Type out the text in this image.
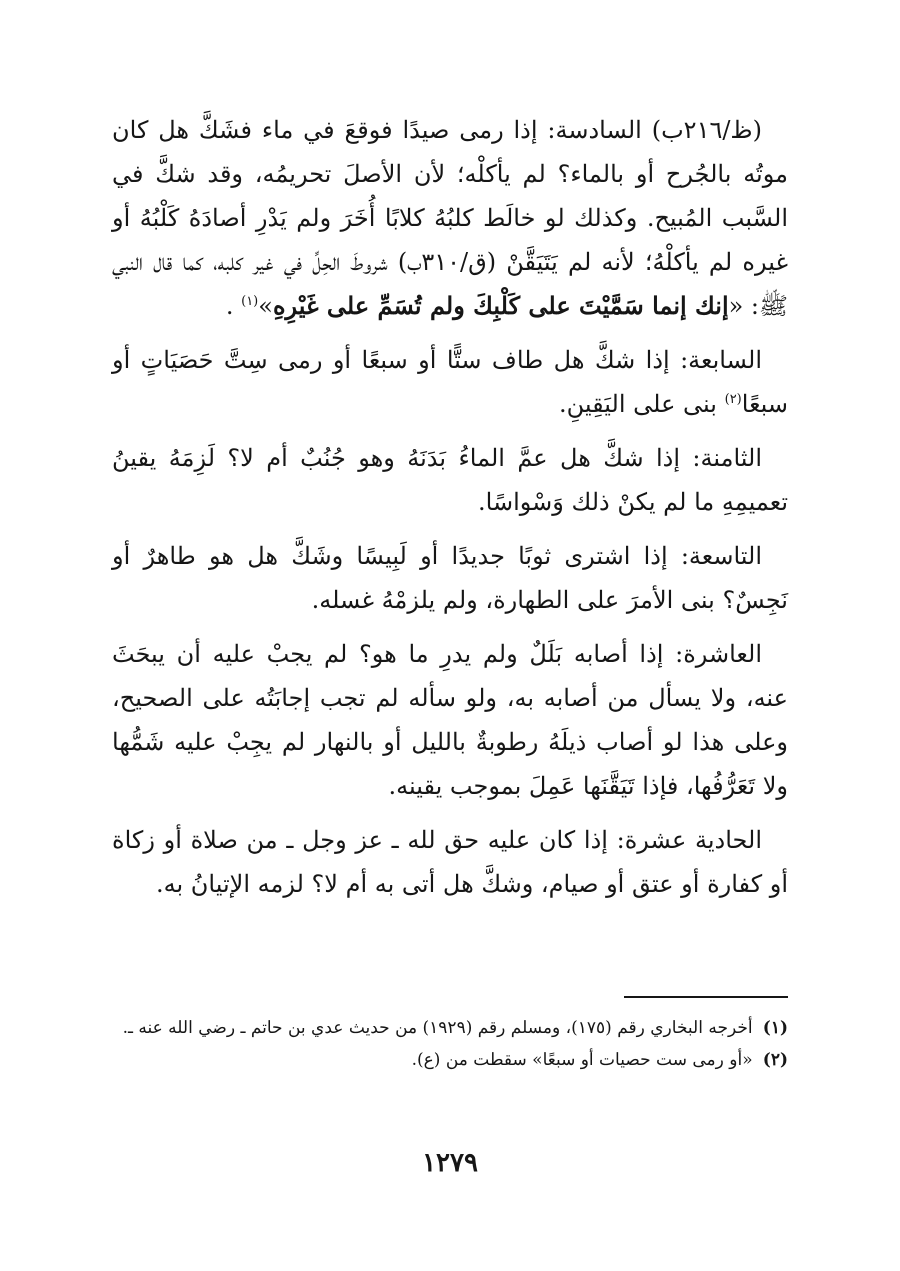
(ظ/٢١٦ب) السادسة: إذا رمى صيدًا فوقعَ في ماء فشَكَّ هل كان موتُه بالجُرح أو بالماء؟ لم يأكلْه؛ لأن الأصلَ تحريمُه، وقد شكَّ في السَّبب المُبيح. وكذلك لو خالَط كلبُهُ كلابًا أُخَرَ ولم يَدْرِ أصادَهُ كَلْبُهُ أو غيره لم يأكلْهُ؛ لأنه لم يَتَيَقَّنْ (ق/٣١٠ب) شروطَ الحِلِّ في غير كلبه، كما قال النبي ﷺ: «إنك إنما سَمَّيْتَ على كَلْبِكَ ولم تُسَمِّ على غَيْرِهِ»$^{(١)}$ .

السابعة: إذا شكَّ هل طاف ستًّا أو سبعًا أو رمى سِتَّ حَصَيَاتٍ أو سبعًا$^{(٢)}$ بنى على اليَقِينِ.

الثامنة: إذا شكَّ هل عمَّ الماءُ بَدَنَهُ وهو جُنُبٌ أم لا؟ لَزِمَهُ يقينُ تعميمِهِ ما لم يكنْ ذلك وَسْواسًا.

التاسعة: إذا اشترى ثوبًا جديدًا أو لَبِيسًا وشَكَّ هل هو طاهرٌ أو نَجِسٌ؟ بنى الأمرَ على الطهارة، ولم يلزمْهُ غسله.

العاشرة: إذا أصابه بَلَلٌ ولم يدرِ ما هو؟ لم يجبْ عليه أن يبحَثَ عنه، ولا يسأل من أصابه به، ولو سأله لم تجب إجابَتُه على الصحيح، وعلى هذا لو أصاب ذيلَهُ رطوبةٌ بالليل أو بالنهار لم يجِبْ عليه شَمُّها ولا تَعَرُّفُها، فإذا تَيَقَّنَها عَمِلَ بموجب يقينه.

الحادية عشرة: إذا كان عليه حق لله ـ عز وجل ـ من صلاة أو زكاة أو كفارة أو عتق أو صيام، وشكَّ هل أتى به أم لا؟ لزمه الإتيانُ به.

(١) أخرجه البخاري رقم (١٧٥)، ومسلم رقم (١٩٢٩) من حديث عدي بن حاتم ـ رضي الله عنه ـ.

(٢) «أو رمى ست حصيات أو سبعًا» سقطت من (ع).

١٢٧٩
